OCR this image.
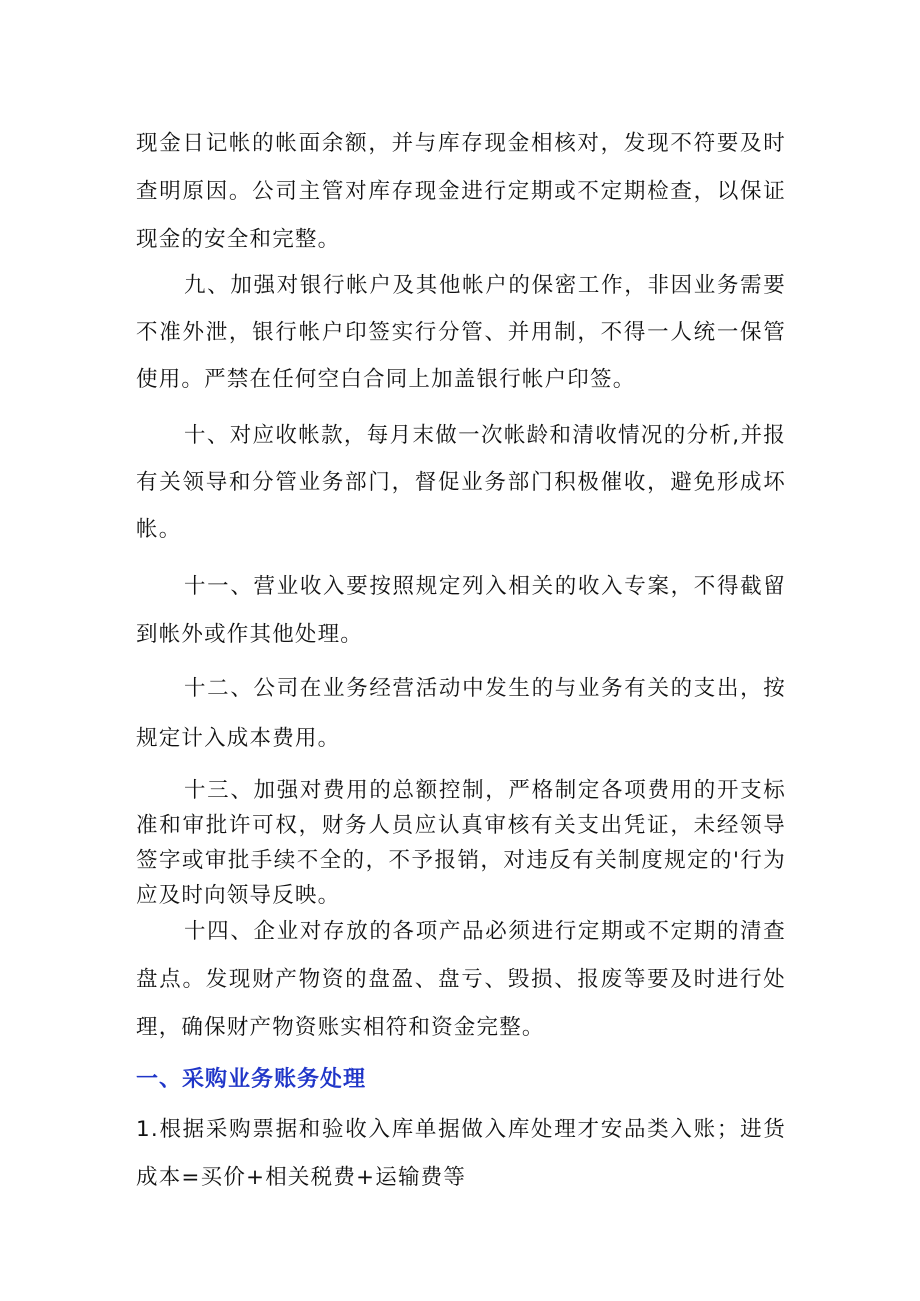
现金日记帐的帐面余额，并与库存现金相核对，发现不符要及时查明原因。公司主管对库存现金进行定期或不定期检查，以保证现金的安全和完整。

九、加强对银行帐户及其他帐户的保密工作，非因业务需要不准外泄，银行帐户印签实行分管、并用制，不得一人统一保管使用。严禁在任何空白合同上加盖银行帐户印签。

十、对应收帐款，每月末做一次帐龄和清收情况的分析,并报有关领导和分管业务部门，督促业务部门积极催收，避免形成坏帐。

十一、营业收入要按照规定列入相关的收入专案，不得截留到帐外或作其他处理。

十二、公司在业务经营活动中发生的与业务有关的支出，按规定计入成本费用。

十三、加强对费用的总额控制，严格制定各项费用的开支标准和审批许可权，财务人员应认真审核有关支出凭证，未经领导签字或审批手续不全的，不予报销，对违反有关制度规定的'行为应及时向领导反映。

十四、企业对存放的各项产品必须进行定期或不定期的清查盘点。发现财产物资的盘盈、盘亏、毁损、报废等要及时进行处理，确保财产物资账实相符和资金完整。

一、采购业务账务处理

1.根据采购票据和验收入库单据做入库处理才安品类入账；进货成本=买价+相关税费+运输费等
